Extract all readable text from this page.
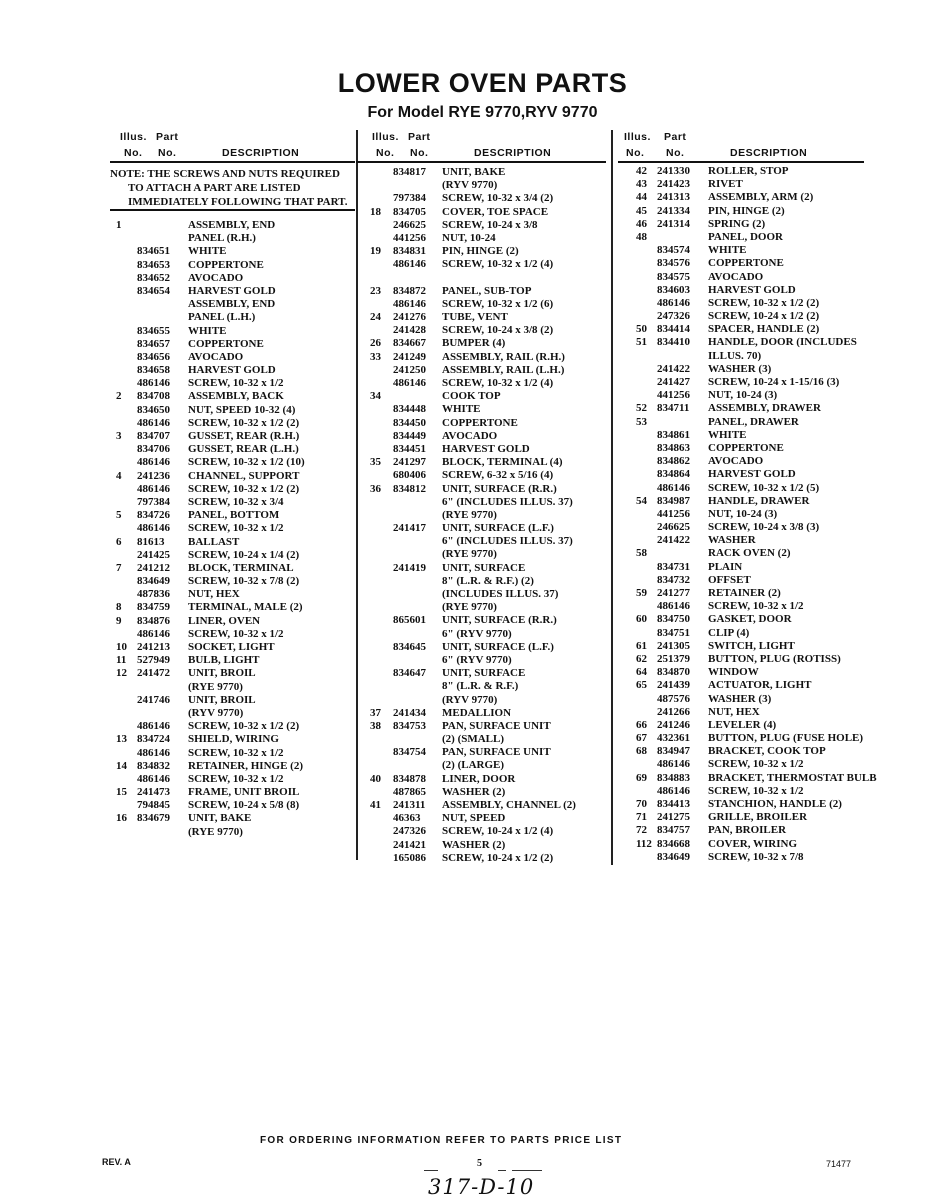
LOWER OVEN PARTS
For Model RYE 9770,RYV 9770
Illus. Part
No. No.	DESCRIPTION
NOTE: THE SCREWS AND NUTS REQUIRED
TO ATTACH A PART ARE LISTED
IMMEDIATELY FOLLOWING THAT PART.
1	ASSEMBLY, END
PANEL (R.H.)
834651 WHITE
834653 COPPERTONE
834652 AVOCADO
834654 HARVEST GOLD
ASSEMBLY, END
PANEL (L.H.)
834655 WHITE
834657 COPPERTONE
834656 AVOCADO
834658 HARVEST GOLD
486146 SCREW, 10-32 x 1/2
2 834708 ASSEMBLY, BACK
834650 NUT, SPEED 10-32 (4)
486146 SCREW, 10-32 x 1/2 (2)
3 834707 GUSSET, REAR (R.H.)
834706 GUSSET, REAR (L.H.)
486146 SCREW, 10-32 x 1/2 (10)
4 241236 CHANNEL, SUPPORT
486146 SCREW, 10-32 x 1/2 (2)
797384 SCREW, 10-32 x 3/4
5 834726 PANEL, BOTTOM
486146 SCREW, 10-32 x 1/2
6 81613 BALLAST
241425 SCREW, 10-24 x 1/4 (2)
7 241212 BLOCK, TERMINAL
834649 SCREW, 10-32 x 7/8 (2)
487836 NUT, HEX
8 834759 TERMINAL, MALE (2)
9 834876 LINER, OVEN
486146 SCREW, 10-32 x 1/2
10 241213 SOCKET, LIGHT
11 527949 BULB, LIGHT
12 241472 UNIT, BROIL
(RYE 9770)
241746 UNIT, BROIL
(RYV 9770)
486146 SCREW, 10-32 x 1/2 (2)
13 834724 SHIELD, WIRING
486146 SCREW, 10-32 x 1/2
14 834832 RETAINER, HINGE (2)
486146 SCREW, 10-32 x 1/2
15 241473 FRAME, UNIT BROIL
794845 SCREW, 10-24 x 5/8 (8)
16 834679 UNIT, BAKE
(RYE 9770)
Illus. Part
No. No.	DESCRIPTION
834817 UNIT, BAKE
(RYV 9770)
797384 SCREW, 10-32 x 3/4 (2)
18 834705 COVER, TOE SPACE
246625 SCREW, 10-24 x 3/8
441256 NUT, 10-24
19 834831 PIN, HINGE (2)
486146 SCREW, 10-32 x 1/2 (4)
23 834872 PANEL, SUB-TOP
486146 SCREW, 10-32 x 1/2 (6)
24 241276 TUBE, VENT
241428 SCREW, 10-24 x 3/8 (2)
26 834667 BUMPER (4)
33 241249 ASSEMBLY, RAIL (R.H.)
241250 ASSEMBLY, RAIL (L.H.)
486146 SCREW, 10-32 x 1/2 (4)
34	COOK TOP
834448 WHITE
834450 COPPERTONE
834449 AVOCADO
834451 HARVEST GOLD
35 241297 BLOCK, TERMINAL (4)
680406 SCREW, 6-32 x 5/16 (4)
36 834812 UNIT, SURFACE (R.R.)
6" (INCLUDES ILLUS. 37)
(RYE 9770)
241417 UNIT, SURFACE (L.F.)
6" (INCLUDES ILLUS. 37)
(RYE 9770)
241419 UNIT, SURFACE
8" (L.R. & R.F.) (2)
(INCLUDES ILLUS. 37)
(RYE 9770)
865601 UNIT, SURFACE (R.R.)
6" (RYV 9770)
834645 UNIT, SURFACE (L.F.)
6" (RYV 9770)
834647 UNIT, SURFACE
8" (L.R. & R.F.)
(RYV 9770)
37 241434 MEDALLION
38 834753 PAN, SURFACE UNIT
(2) (SMALL)
834754 PAN, SURFACE UNIT
(2) (LARGE)
40 834878 LINER, DOOR
487865 WASHER (2)
41 241311 ASSEMBLY, CHANNEL (2)
46363 NUT, SPEED
247326 SCREW, 10-24 x 1/2 (4)
241421 WASHER (2)
165086 SCREW, 10-24 x 1/2 (2)
Illus. Part
No. No.	DESCRIPTION
42 241330 ROLLER, STOP
43 241423 RIVET
44 241313 ASSEMBLY, ARM (2)
45 241334 PIN, HINGE (2)
46 241314 SPRING (2)
48	PANEL, DOOR
834574 WHITE
834576 COPPERTONE
834575 AVOCADO
834603 HARVEST GOLD
486146 SCREW, 10-32 x 1/2 (2)
247326 SCREW, 10-24 x 1/2 (2)
50 834414 SPACER, HANDLE (2)
51 834410 HANDLE, DOOR (INCLUDES
ILLUS. 70)
241422 WASHER (3)
241427 SCREW, 10-24 x 1-15/16 (3)
441256 NUT, 10-24 (3)
52 834711 ASSEMBLY, DRAWER
53	PANEL, DRAWER
834861 WHITE
834863 COPPERTONE
834862 AVOCADO
834864 HARVEST GOLD
486146 SCREW, 10-32 x 1/2 (5)
54 834987 HANDLE, DRAWER
441256 NUT, 10-24 (3)
246625 SCREW, 10-24 x 3/8 (3)
241422 WASHER
58	RACK OVEN (2)
834731 PLAIN
834732 OFFSET
59 241277 RETAINER (2)
486146 SCREW, 10-32 x 1/2
60 834750 GASKET, DOOR
834751 CLIP (4)
61 241305 SWITCH, LIGHT
62 251379 BUTTON, PLUG (ROTISS)
64 834870 WINDOW
65 241439 ACTUATOR, LIGHT
487576 WASHER (3)
241266 NUT, HEX
66 241246 LEVELER (4)
67 432361 BUTTON, PLUG (FUSE HOLE)
68 834947 BRACKET, COOK TOP
486146 SCREW, 10-32 x 1/2
69 834883 BRACKET, THERMOSTAT BULB
486146 SCREW, 10-32 x 1/2
70 834413 STANCHION, HANDLE (2)
71 241275 GRILLE, BROILER
72 834757 PAN, BROILER
112 834668 COVER, WIRING
834649 SCREW, 10-32 x 7/8
FOR ORDERING INFORMATION REFER TO PARTS PRICE LIST
REV. A	5	71477
317-D-10
